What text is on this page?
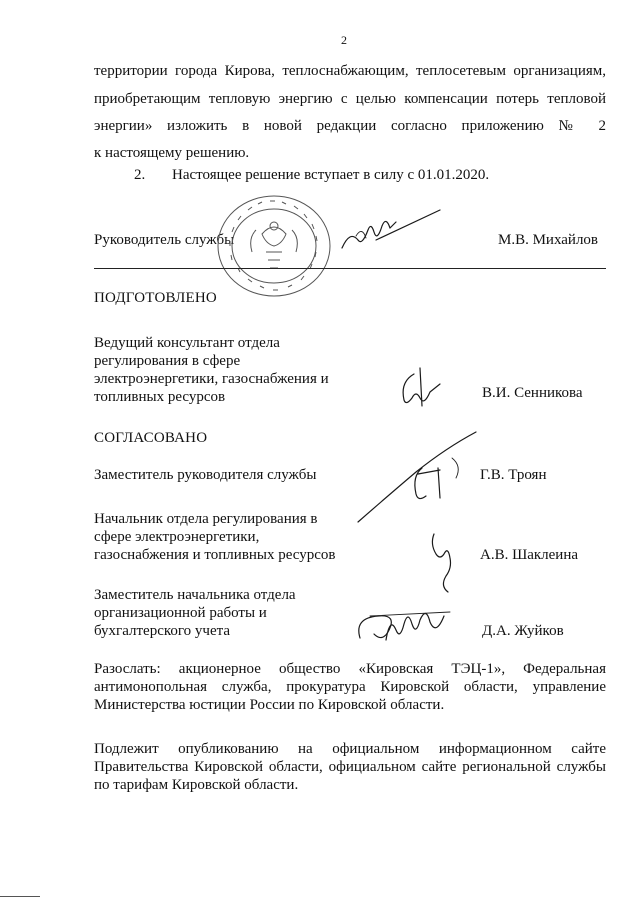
2
территории города Кирова, теплоснабжающим, теплосетевым организациям,
приобретающим тепловую энергию с целью компенсации потерь тепловой
энергии» изложить в новой редакции согласно приложению № 2
к настоящему решению.
2. Настоящее решение вступает в силу с 01.01.2020.
Руководитель службы	М.В. Михайлов
ПОДГОТОВЛЕНО
Ведущий консультант отдела
регулирования в сфере
электроэнергетики, газоснабжения и
топливных ресурсов	В.И. Сенникова
СОГЛАСОВАНО
Заместитель руководителя службы	Г.В. Троян
Начальник отдела регулирования в
сфере электроэнергетики,
газоснабжения и топливных ресурсов	А.В. Шаклеина
Заместитель начальника отдела
организационной работы и
бухгалтерского учета	Д.А. Жуйков
Разослать: акционерное общество «Кировская ТЭЦ-1», Федеральная
антимонопольная служба, прокуратура Кировской области, управление
Министерства юстиции России по Кировской области.
Подлежит опубликованию на официальном информационном сайте
Правительства Кировской области, официальном сайте региональной службы
по тарифам Кировской области.
